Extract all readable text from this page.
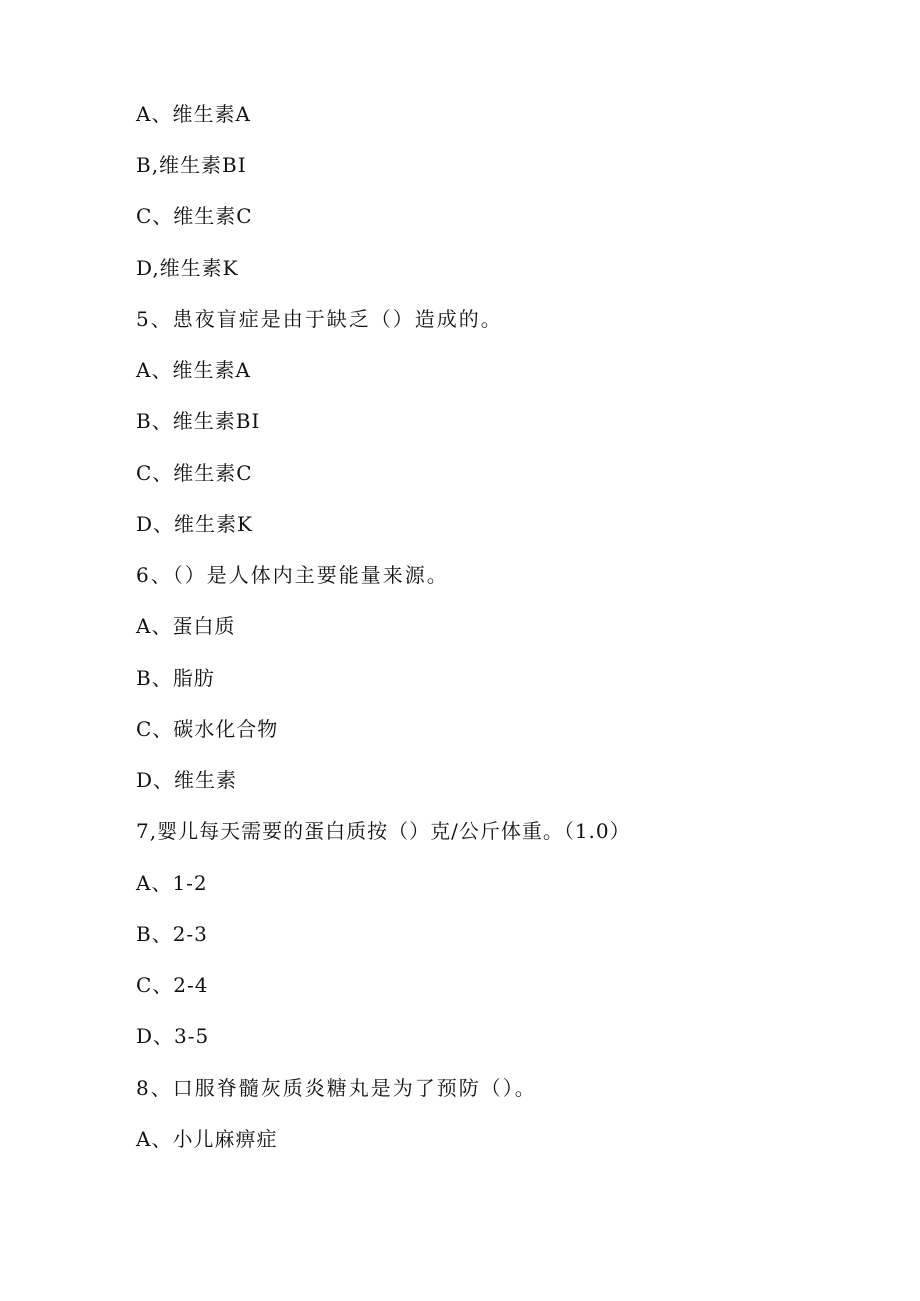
A、维生素A
B,维生素BI
C、维生素C
D,维生素K
5、患夜盲症是由于缺乏（）造成的。
A、维生素A
B、维生素BI
C、维生素C
D、维生素K
6、（）是人体内主要能量来源。
A、蛋白质
B、脂肪
C、碳水化合物
D、维生素
7,婴儿每天需要的蛋白质按（）克/公斤体重。（1.0）
A、1-2
B、2-3
C、2-4
D、3-5
8、口服脊髓灰质炎糖丸是为了预防（）。
A、小儿麻痹症
